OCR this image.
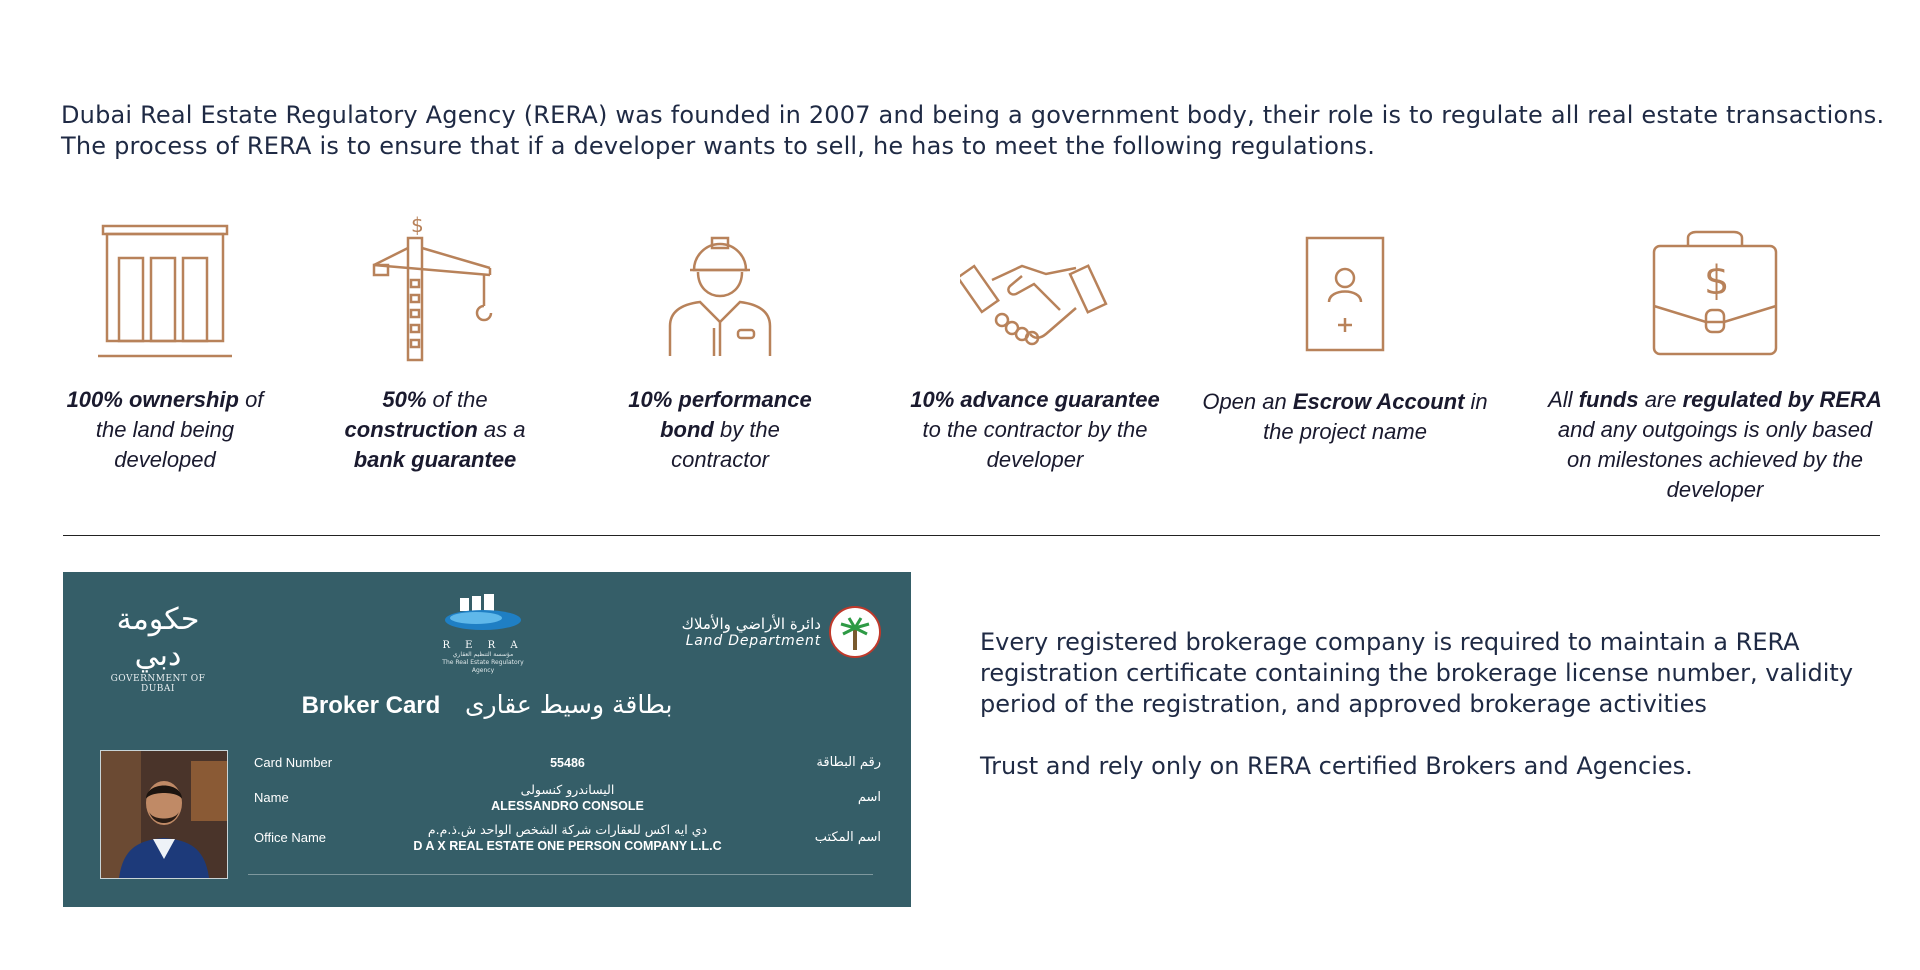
Dubai Real Estate Regulatory Agency (RERA) was founded in 2007 and being a government body, their role is to regulate all real estate transactions.

The process of RERA is to ensure that if a developer wants to sell, he has to meet the following regulations.

$
$
100% ownership of the land being developed
50% of the construction as a bank guarantee
10% performance bond by the contractor
10% advance guarantee to the contractor by the developer
Open an Escrow Account in the project name
All funds are regulated by RERA and any outgoings is only based on milestones achieved by the developer
حكومة دبي
GOVERNMENT OF DUBAI
R E R A
مؤسسة التنظيم العقاري
The Real Estate Regulatory Agency
دائرة الأراضي والأملاك
Land Department
Broker Card بطاقة وسيط عقارى
Card Number	55486	رقم البطاقة
Name
اليساندرو كنسولى
ALESSANDRO CONSOLE
اسم
Office Name
دي ايه اكس للعقارات شركة الشخص الواحد ش.ذ.م.م
D A X REAL ESTATE ONE PERSON COMPANY L.L.C
اسم المكتب

Every registered brokerage company is required to maintain a RERA registration certificate containing the brokerage license number, validity period of the registration, and approved brokerage activities

Trust and rely only on RERA certified Brokers and Agencies.
